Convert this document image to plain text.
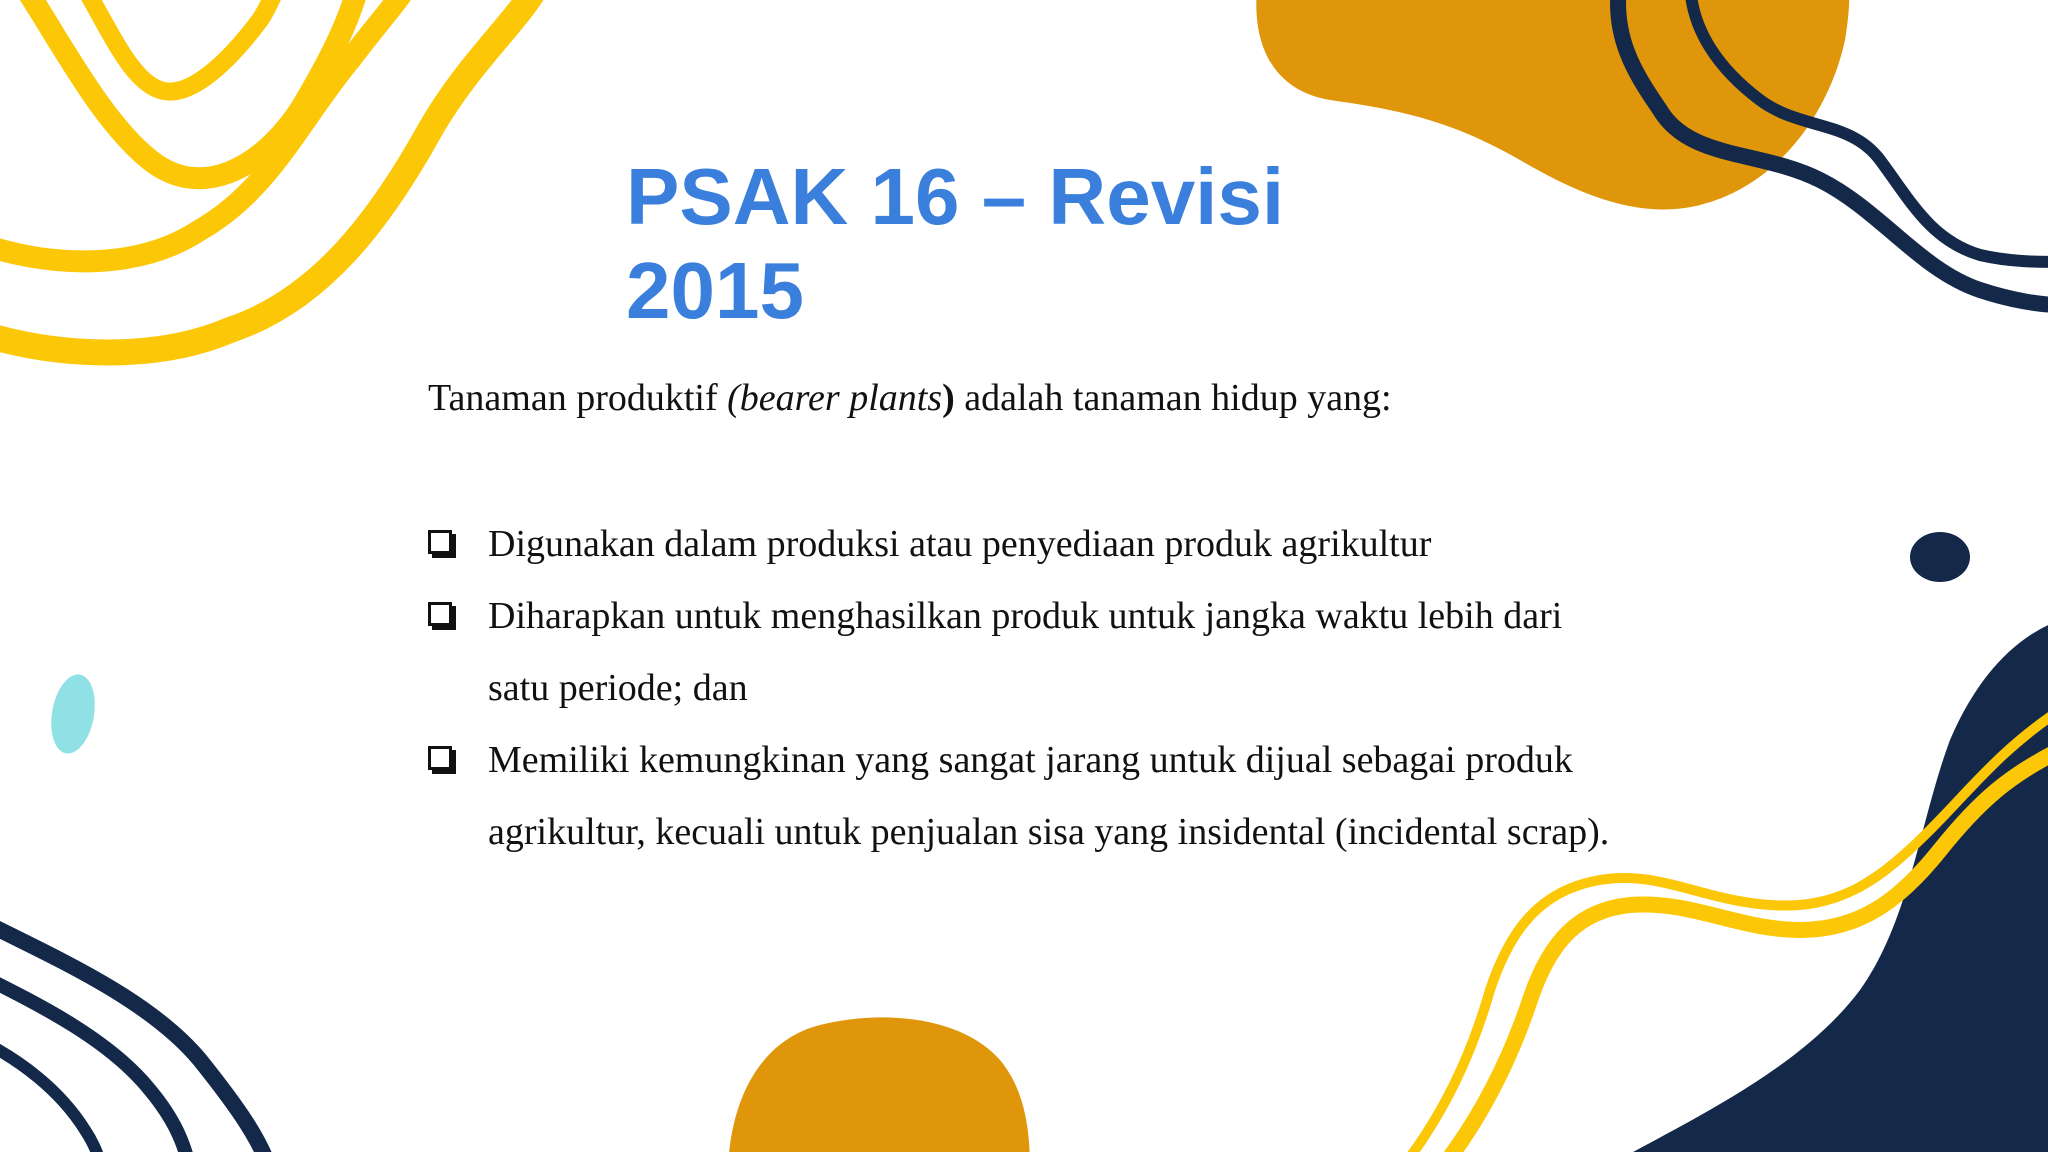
PSAK 16 – Revisi
2015

Tanaman produktif (bearer plants) adalah tanaman hidup yang:

Digunakan dalam produksi atau penyediaan produk agrikultur
Diharapkan untuk menghasilkan produk untuk jangka waktu lebih dari satu periode; dan
Memiliki kemungkinan yang sangat jarang untuk dijual sebagai produk agrikultur, kecuali untuk penjualan sisa yang insidental (incidental scrap).
